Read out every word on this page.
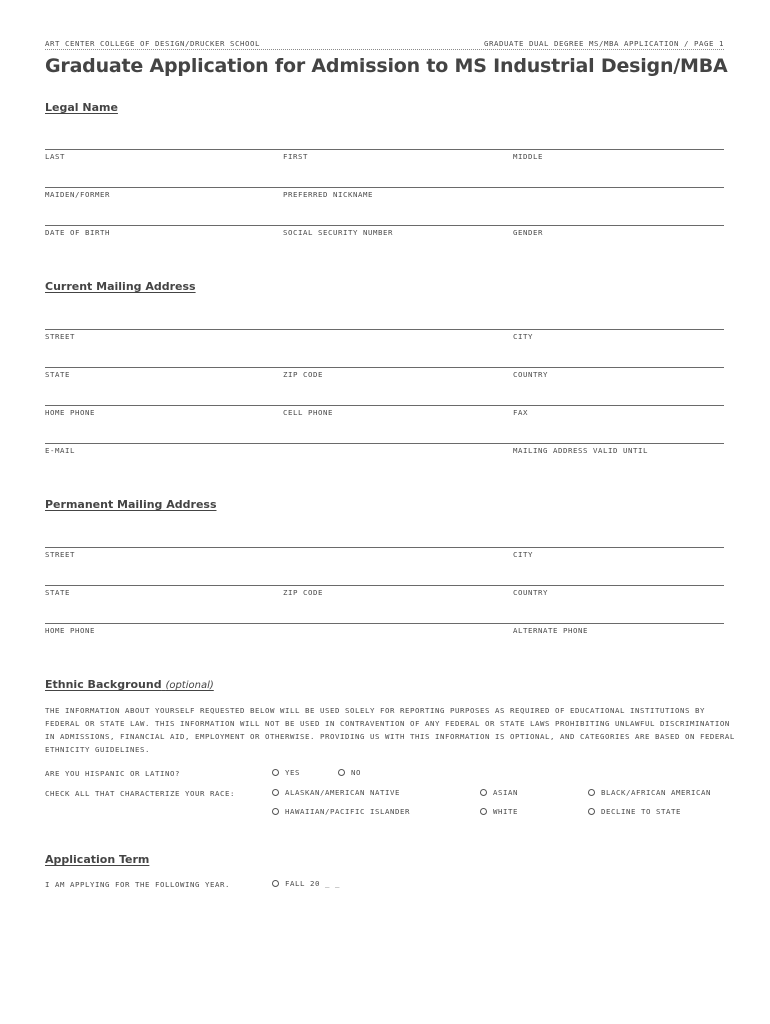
ART CENTER COLLEGE OF DESIGN/DRUCKER SCHOOL	GRADUATE DUAL DEGREE MS/MBA APPLICATION / PAGE 1
Graduate Application for Admission to MS Industrial Design/MBA
Legal Name
LAST	FIRST	MIDDLE
MAIDEN/FORMER	PREFERRED NICKNAME
DATE OF BIRTH	SOCIAL SECURITY NUMBER	GENDER
Current Mailing Address
STREET	CITY
STATE	ZIP CODE	COUNTRY
HOME PHONE	CELL PHONE	FAX
E-MAIL	MAILING ADDRESS VALID UNTIL
Permanent Mailing Address
STREET	CITY
STATE	ZIP CODE	COUNTRY
HOME PHONE	ALTERNATE PHONE
Ethnic Background (optional)
THE INFORMATION ABOUT YOURSELF REQUESTED BELOW WILL BE USED SOLELY FOR REPORTING PURPOSES AS REQUIRED OF EDUCATIONAL INSTITUTIONS BY FEDERAL OR STATE LAW. THIS INFORMATION WILL NOT BE USED IN CONTRAVENTION OF ANY FEDERAL OR STATE LAWS PROHIBITING UNLAWFUL DISCRIMINATION IN ADMISSIONS, FINANCIAL AID, EMPLOYMENT OR OTHERWISE. PROVIDING US WITH THIS INFORMATION IS OPTIONAL, AND CATEGORIES ARE BASED ON FEDERAL ETHNICITY GUIDELINES.
ARE YOU HISPANIC OR LATINO?	YES	NO
CHECK ALL THAT CHARACTERIZE YOUR RACE:	ALASKAN/AMERICAN NATIVE	ASIAN	BLACK/AFRICAN AMERICAN
HAWAIIAN/PACIFIC ISLANDER	WHITE	DECLINE TO STATE
Application Term
I AM APPLYING FOR THE FOLLOWING YEAR.	FALL 20 _ _
